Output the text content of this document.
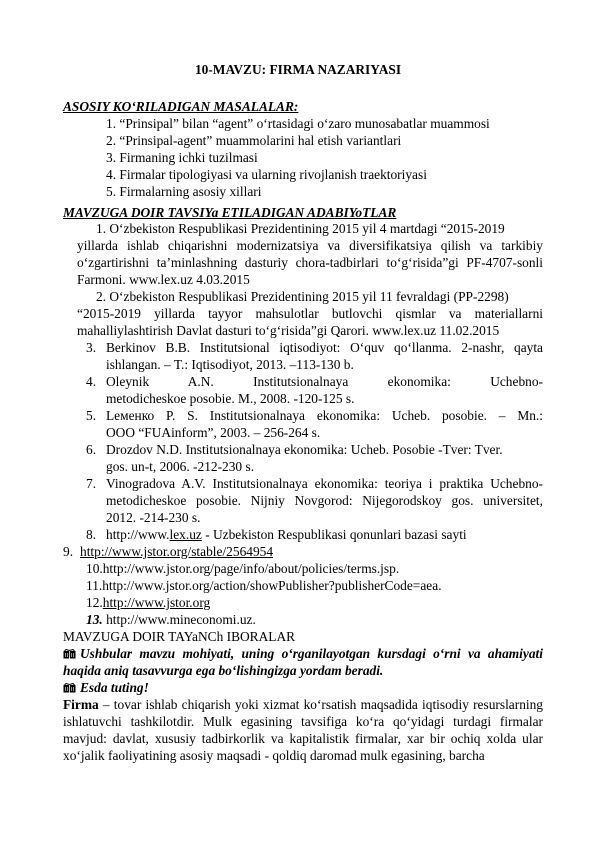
10-MAVZU: FIRMA NAZARIYASI
ASOSIY KO‘RILADIGAN MASALALAR:
1. “Prinsipal” bilan “agent” o‘rtasidagi o‘zaro munosabatlar muammosi
2. “Prinsipal-agent” muammolarini hal etish variantlari
3. Firmaning ichki tuzilmasi
4. Firmalar tipologiyasi va ularning rivojlanish traektoriyasi
5. Firmalarning asosiy xillari
MAVZUGA DOIR TAVSIYa ETILADIGAN ADABIYoTLAR
1. O‘zbekiston Respublikasi Prezidentining 2015 yil 4 martdagi “2015-2019
yillarda ishlab chiqarishni modernizatsiya va diversifikatsiya qilish va tarkibiy
o‘zgartirishni ta’minlashning dasturiy chora-tadbirlari to‘g‘risida”gi PF-4707-sonli
Farmoni. www.lex.uz 4.03.2015
2. O‘zbekiston Respublikasi Prezidentining 2015 yil 11 fevraldagi (PP-2298)
“2015-2019 yillarda tayyor mahsulotlar butlovchi qismlar va materiallarni
mahalliylashtirish Davlat dasturi to‘g‘risida”gi Qarori. www.lex.uz 11.02.2015
3. Berkinov B.B. Institutsional iqtisodiyot: O‘quv qo‘llanma. 2-nashr, qayta
ishlangan. – T.: Iqtisodiyot, 2013. –113-130 b.
4. Oleynik A.N. Institutsionalnaya ekonomika: Uchebno-
metodicheskoe posobie. M., 2008. -120-125 s.
5. Lеменко P. S. Institutsionalnaya ekonomika: Ucheb. posobie. – Mn.:
OOO “FUAinform”, 2003. – 256-264 s.
6. Drozdov N.D. Institutsionalnaya ekonomika: Ucheb. Posobie -Tver: Tver.
gos. un-t, 2006. -212-230 s.
7. Vinogradova A.V. Institutsionalnaya ekonomika: teoriya i praktika Uchebno-
metodicheskoe posobie. Nijniy Novgorod: Nijegorodskoy gos. universitet,
2012. -214-230 s.
8. http://www.lex.uz - Uzbekiston Respublikasi qonunlari bazasi sayti
9. http://www.jstor.org/stable/2564954
10.http://www.jstor.org/page/info/about/policies/terms.jsp.
11.http://www.jstor.org/action/showPublisher?publisherCode=aea.
12.http://www.jstor.org
13. http://www.mineconomi.uz.
MAVZUGA DOIR TAYaNCh IBORALAR
Ushbular mavzu mohiyati, uning o‘rganilayotgan kursdagi o‘rni va ahamiyati
haqida aniq tasavvurga ega bo‘lishingizga yordam beradi.
Esda tuting!
Firma – tovar ishlab chiqarish yoki xizmat ko‘rsatish maqsadida iqtisodiy resurslarning
ishlatuvchi tashkilotdir. Mulk egasining tavsifiga ko‘ra qo‘yidagi turdagi firmalar
mavjud: davlat, xususiy tadbirkorlik va kapitalistik firmalar, xar bir ochiq xolda ular
xo‘jalik faoliyatining asosiy maqsadi - qoldiq daromad mulk egasining, barcha
